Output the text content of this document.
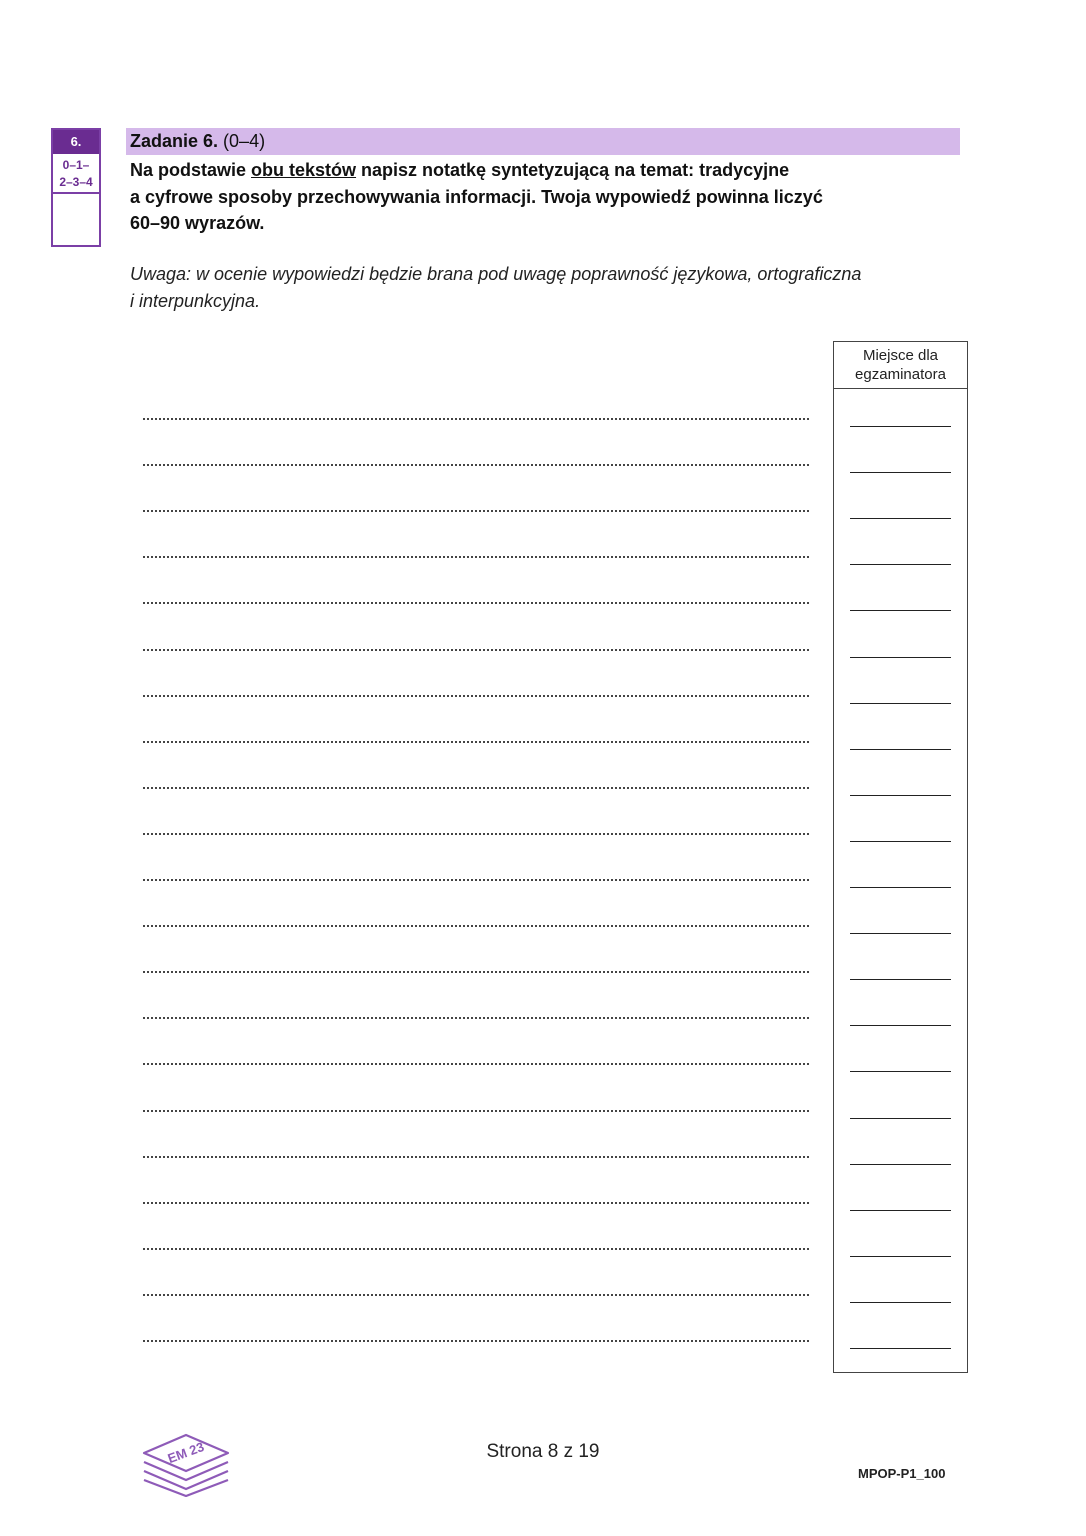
6.
0–1–
2–3–4
Zadanie 6. (0–4)
Na podstawie obu tekstów napisz notatkę syntetyzującą na temat: tradycyjne
a cyfrowe sposoby przechowywania informacji. Twoja wypowiedź powinna liczyć
60–90 wyrazów.
Uwaga: w ocenie wypowiedzi będzie brana pod uwagę poprawność językowa, ortograficzna
i interpunkcyjna.
Miejsce dla
egzaminatora
EM 23	Strona 8 z 19
MPOP-P1_100
